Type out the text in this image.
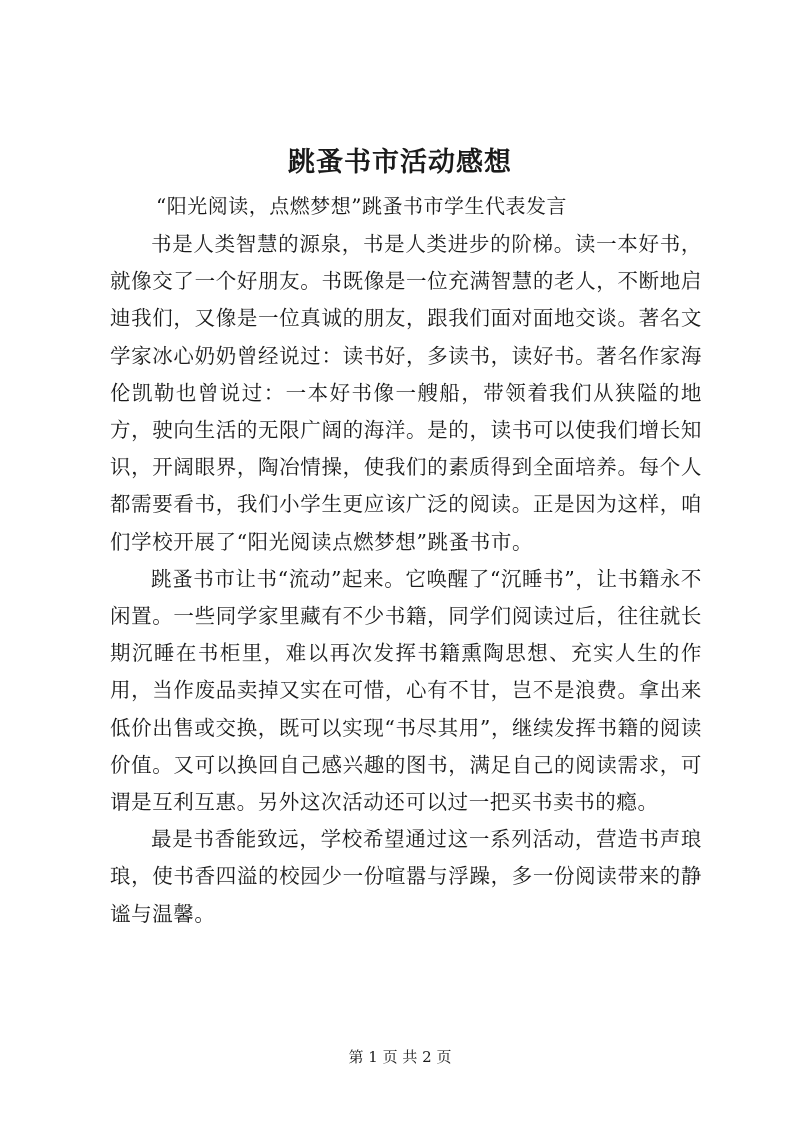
跳蚤书市活动感想
“阳光阅读，点燃梦想”跳蚤书市学生代表发言

书是人类智慧的源泉，书是人类进步的阶梯。读一本好书，就像交了一个好朋友。书既像是一位充满智慧的老人，不断地启迪我们，又像是一位真诚的朋友，跟我们面对面地交谈。著名文学家冰心奶奶曾经说过：读书好，多读书，读好书。著名作家海伦凯勒也曾说过：一本好书像一艘船，带领着我们从狭隘的地方，驶向生活的无限广阔的海洋。是的，读书可以使我们增长知识，开阔眼界，陶冶情操，使我们的素质得到全面培养。每个人都需要看书，我们小学生更应该广泛的阅读。正是因为这样，咱们学校开展了“阳光阅读点燃梦想”跳蚤书市。

跳蚤书市让书“流动”起来。它唤醒了“沉睡书”，让书籍永不闲置。一些同学家里藏有不少书籍，同学们阅读过后，往往就长期沉睡在书柜里，难以再次发挥书籍熏陶思想、充实人生的作用，当作废品卖掉又实在可惜，心有不甘，岂不是浪费。拿出来低价出售或交换，既可以实现“书尽其用”，继续发挥书籍的阅读价值。又可以换回自己感兴趣的图书，满足自己的阅读需求，可谓是互利互惠。另外这次活动还可以过一把买书卖书的瘾。

最是书香能致远，学校希望通过这一系列活动，营造书声琅琅，使书香四溢的校园少一份喧嚣与浮躁，多一份阅读带来的静谧与温馨。

第 1 页 共 2 页
